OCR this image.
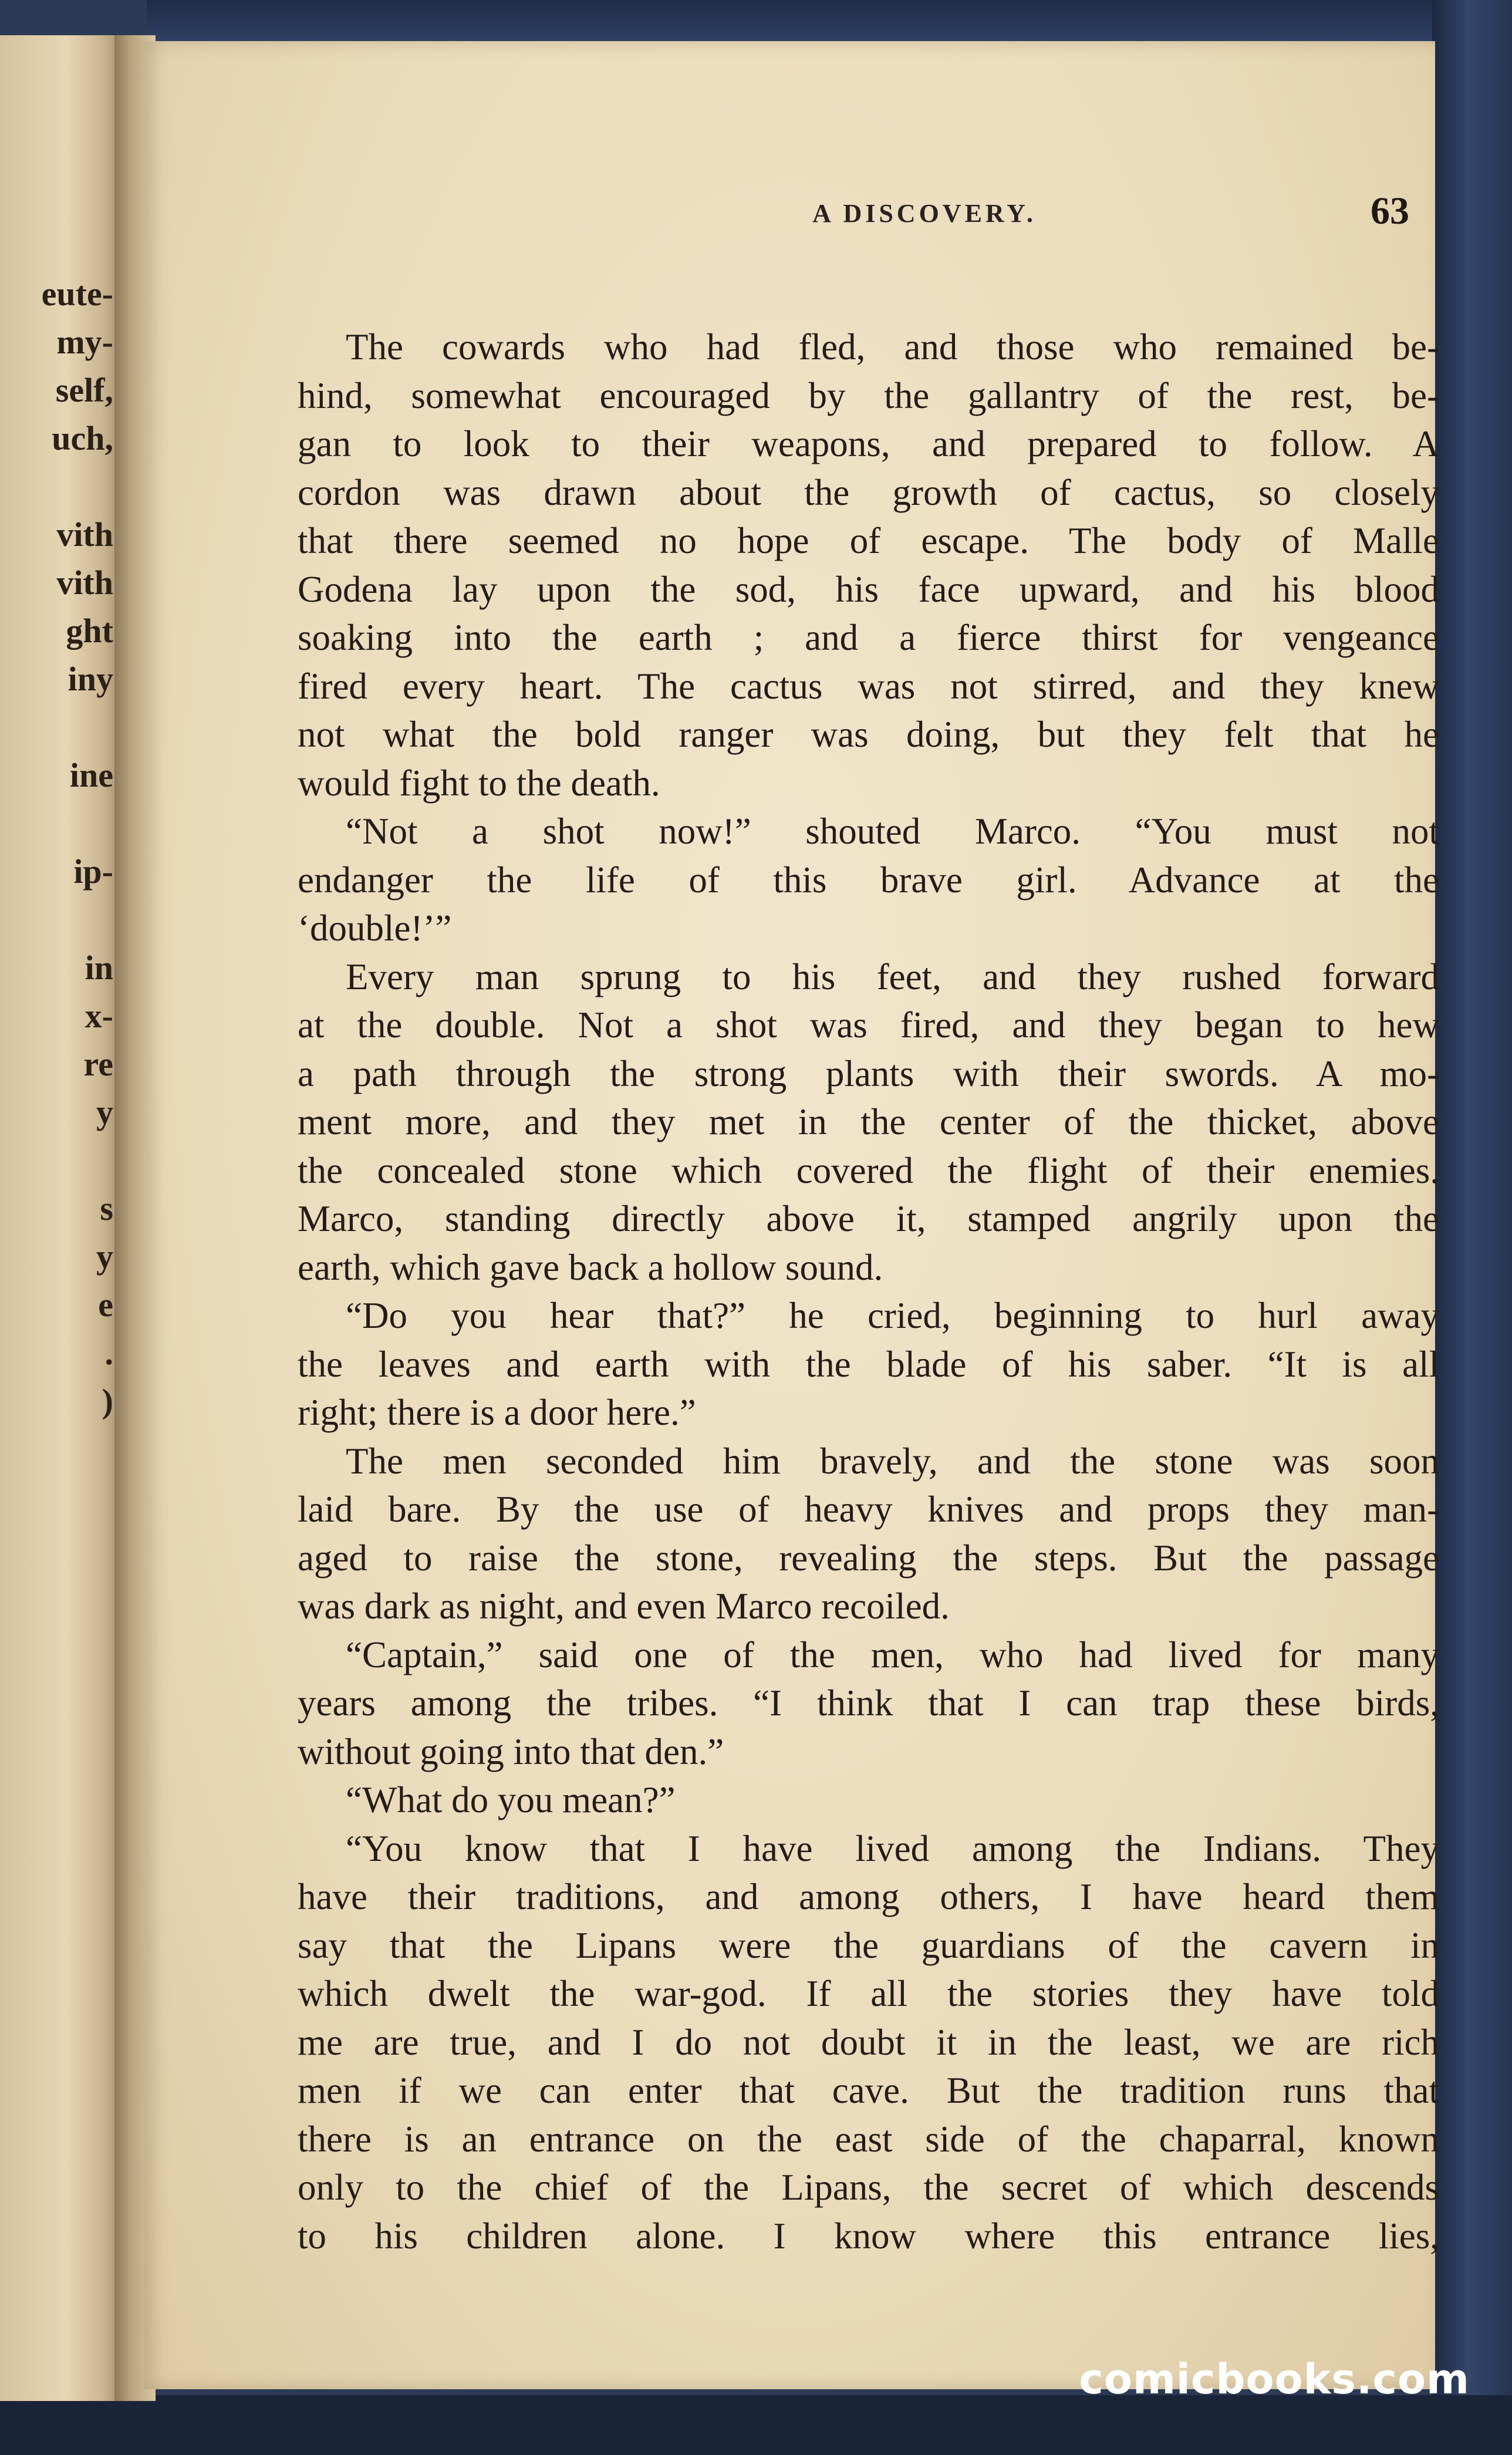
eute-
my-
self,
uch,
vith
vith
ght
iny
ine
ip-
in
x-
re
y
s
y
e
.
)
A DISCOVERY.	63
The cowards who had fled, and those who remained be-
hind, somewhat encouraged by the gallantry of the rest, be-
gan to look to their weapons, and prepared to follow. A
cordon was drawn about the growth of cactus, so closely
that there seemed no hope of escape. The body of Malle
Godena lay upon the sod, his face upward, and his blood
soaking into the earth ; and a fierce thirst for vengeance
fired every heart. The cactus was not stirred, and they knew
not what the bold ranger was doing, but they felt that he
would fight to the death.
“Not a shot now!” shouted Marco. “You must not
endanger the life of this brave girl. Advance at the
‘double!’”
Every man sprung to his feet, and they rushed forward
at the double. Not a shot was fired, and they began to hew
a path through the strong plants with their swords. A mo-
ment more, and they met in the center of the thicket, above
the concealed stone which covered the flight of their enemies.
Marco, standing directly above it, stamped angrily upon the
earth, which gave back a hollow sound.
“Do you hear that?” he cried, beginning to hurl away
the leaves and earth with the blade of his saber. “It is all
right; there is a door here.”
The men seconded him bravely, and the stone was soon
laid bare. By the use of heavy knives and props they man-
aged to raise the stone, revealing the steps. But the passage
was dark as night, and even Marco recoiled.
“Captain,” said one of the men, who had lived for many
years among the tribes. “I think that I can trap these birds,
without going into that den.”
“What do you mean?”
“You know that I have lived among the Indians. They
have their traditions, and among others, I have heard them
say that the Lipans were the guardians of the cavern in
which dwelt the war-god. If all the stories they have told
me are true, and I do not doubt it in the least, we are rich
men if we can enter that cave. But the tradition runs that
there is an entrance on the east side of the chaparral, known
only to the chief of the Lipans, the secret of which descends
to his children alone. I know where this entrance lies,
comicbooks.com
